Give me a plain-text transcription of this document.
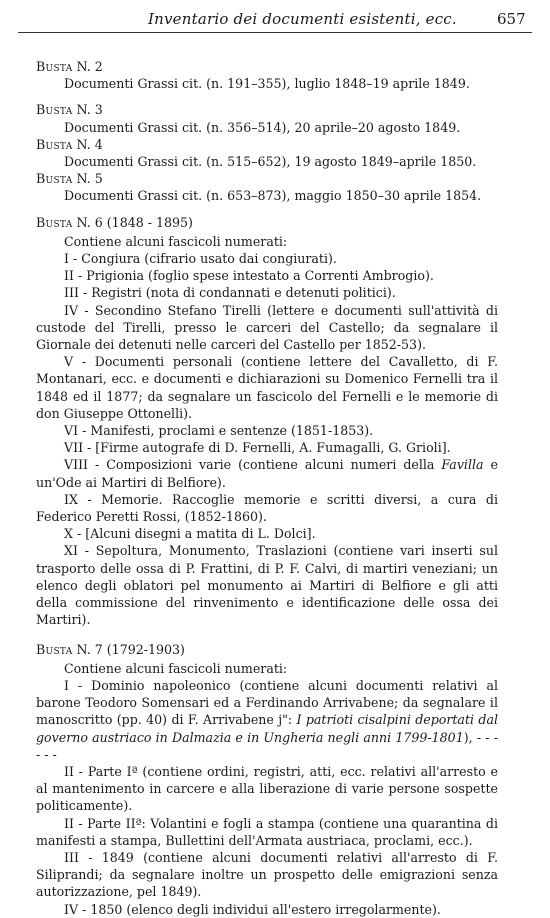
Inventario dei documenti esistenti, ecc.	657

Busta N. 2

Documenti Grassi cit. (n. 191–355), luglio 1848–19 aprile 1849.

Busta N. 3

Documenti Grassi cit. (n. 356–514), 20 aprile–20 agosto 1849.

Busta N. 4

Documenti Grassi cit. (n. 515–652), 19 agosto 1849–aprile 1850.

Busta N. 5

Documenti Grassi cit. (n. 653–873), maggio 1850–30 aprile 1854.

Busta N. 6 (1848 - 1895)

Contiene alcuni fascicoli numerati:

I - Congiura (cifrario usato dai congiurati).

II - Prigionia (foglio spese intestato a Correnti Ambrogio).

III - Registri (nota di condannati e detenuti politici).

IV - Secondino Stefano Tirelli (lettere e documenti sull'attività di custode del Tirelli, presso le carceri del Castello; da segnalare il Giornale dei detenuti nelle carceri del Castello per 1852-53).

V - Documenti personali (contiene lettere del Cavalletto, di F. Montanari, ecc. e documenti e dichiarazioni su Domenico Fernelli tra il 1848 ed il 1877; da segnalare un fascicolo del Fernelli e le memorie di don Giuseppe Ottonelli).

VI - Manifesti, proclami e sentenze (1851-1853).

VII - [Firme autografe di D. Fernelli, A. Fumagalli, G. Grioli].

VIII - Composizioni varie (contiene alcuni numeri della Favilla e un'Ode ai Martiri di Belfiore).

IX - Memorie. Raccoglie memorie e scritti diversi, a cura di Federico Peretti Rossi, (1852-1860).

X - [Alcuni disegni a matita di L. Dolci].

XI - Sepoltura, Monumento, Traslazioni (contiene vari inserti sul trasporto delle ossa di P. Frattini, di P. F. Calvi, di martiri veneziani; un elenco degli oblatori pel monumento ai Martiri di Belfiore e gli atti della commissione del rinvenimento e identificazione delle ossa dei Martiri).

Busta N. 7 (1792-1903)

Contiene alcuni fascicoli numerati:

I - Dominio napoleonico (contiene alcuni documenti relativi al barone Teodoro Somensari ed a Ferdinando Arrivabene; da segnalare il manoscritto (pp. 40) di F. Arrivabene j": I patrioti cisalpini deportati dal governo austriaco in Dalmazia e in Ungheria negli anni 1799-1801), - - - - - -

II - Parte Iª (contiene ordini, registri, atti, ecc. relativi all'arresto e al mantenimento in carcere e alla liberazione di varie persone sospette politicamente).

II - Parte IIª: Volantini e fogli a stampa (contiene una quarantina di manifesti a stampa, Bullettini dell'Armata austriaca, proclami, ecc.).

III - 1849 (contiene alcuni documenti relativi all'arresto di F. Siliprandi; da segnalare inoltre un prospetto delle emigrazioni senza autorizzazione, pel 1849).

IV - 1850 (elenco degli individui all'estero irregolarmente).
